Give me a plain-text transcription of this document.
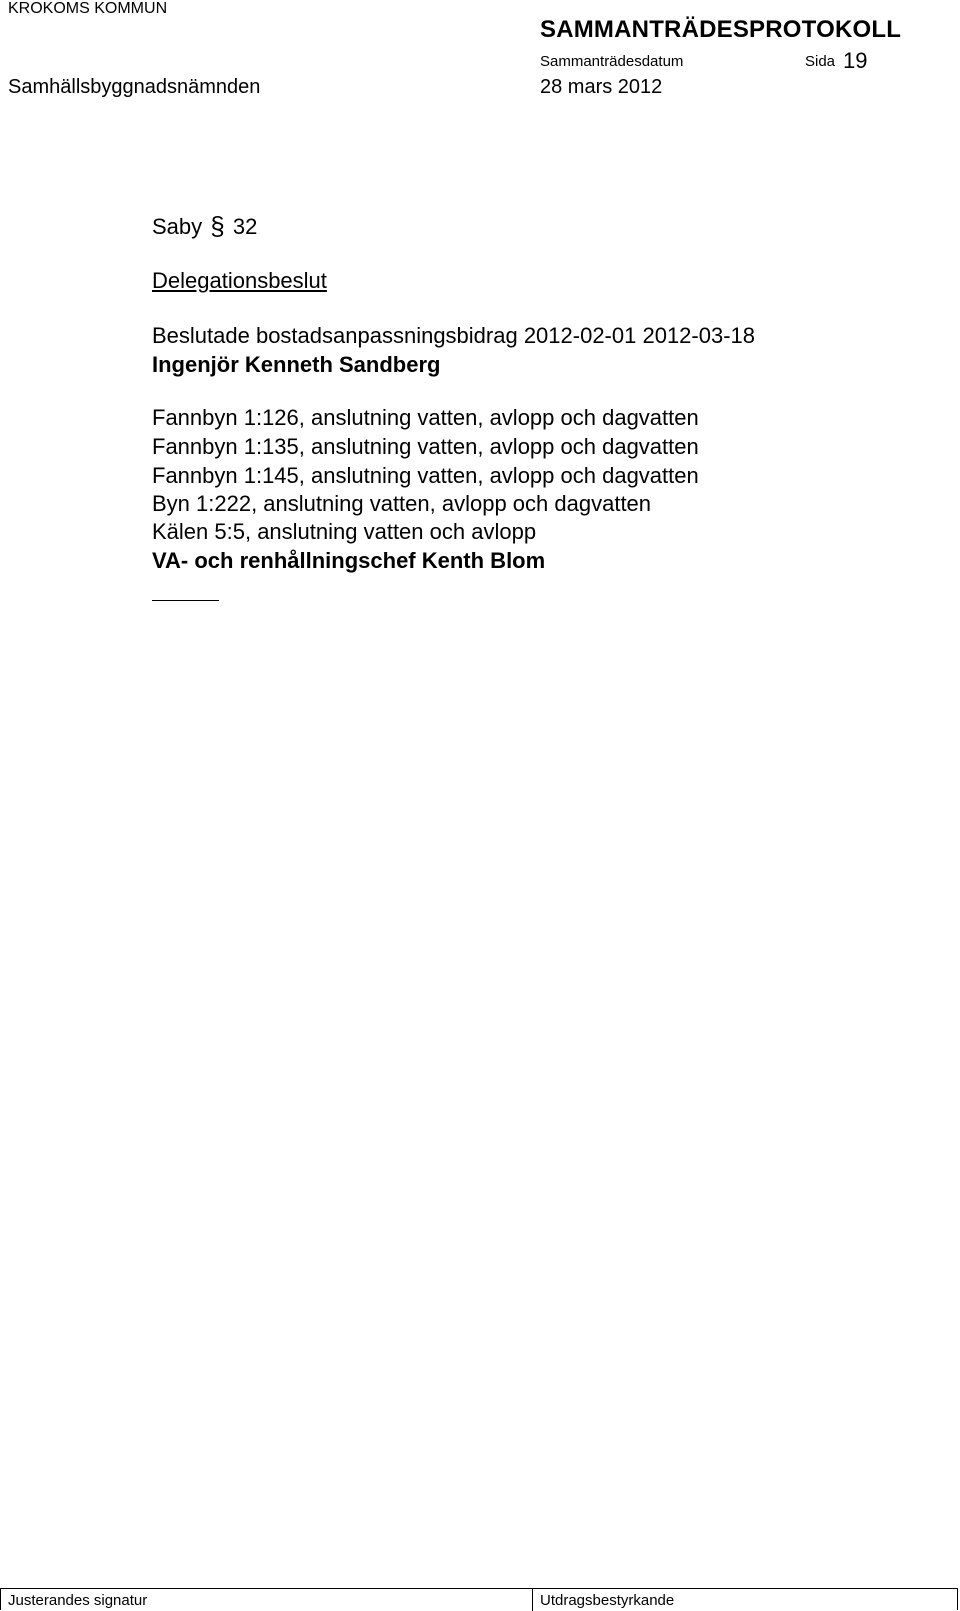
KROKOMS KOMMUN
SAMMANTRÄDESPROTOKOLL
Sammanträdesdatum	Sida 19
Samhällsbyggnadsnämnden	28 mars 2012
Saby § 32
Delegationsbeslut
Beslutade bostadsanpassningsbidrag 2012-02-01 2012-03-18
Ingenjör Kenneth Sandberg
Fannbyn 1:126, anslutning vatten, avlopp och dagvatten
Fannbyn 1:135, anslutning vatten, avlopp och dagvatten
Fannbyn 1:145, anslutning vatten, avlopp och dagvatten
Byn 1:222, anslutning vatten, avlopp och dagvatten
Kälen 5:5, anslutning vatten och avlopp
VA- och renhållningschef Kenth Blom
Justerandes signatur	Utdragsbestyrkande
